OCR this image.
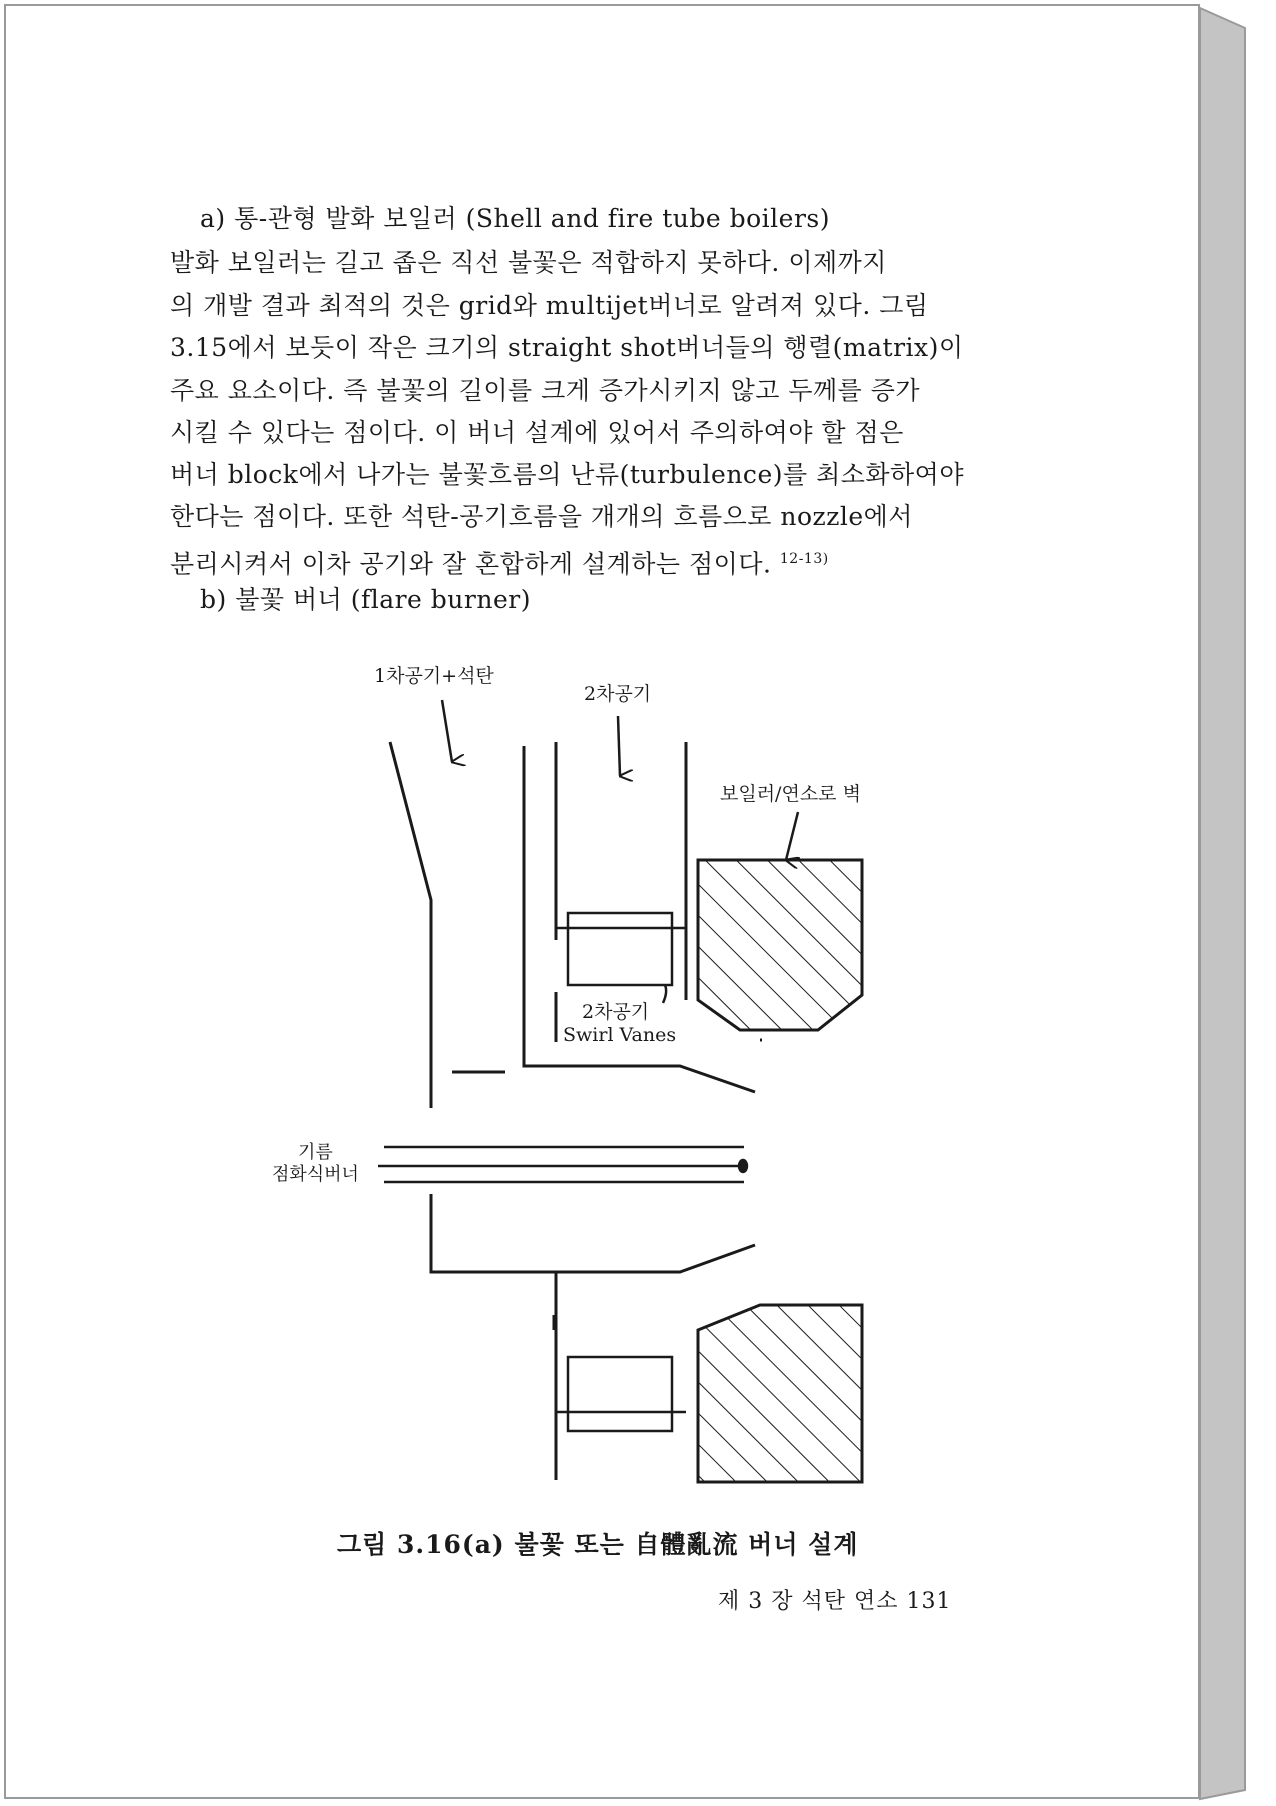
a) 통-관형 발화 보일러 (Shell and fire tube boilers)
발화 보일러는 길고 좁은 직선 불꽃은 적합하지 못하다. 이제까지
의 개발 결과 최적의 것은 grid와 multijet버너로 알려져 있다. 그림
3.15에서 보듯이 작은 크기의 straight shot버너들의 행렬(matrix)이
주요 요소이다. 즉 불꽃의 길이를 크게 증가시키지 않고 두께를 증가
시킬 수 있다는 점이다. 이 버너 설계에 있어서 주의하여야 할 점은
버너 block에서 나가는 불꽃흐름의 난류(turbulence)를 최소화하여야
한다는 점이다. 또한 석탄-공기흐름을 개개의 흐름으로 nozzle에서
분리시켜서 이차 공기와 잘 혼합하게 설계하는 점이다. $^{12-13)}$
b) 불꽃 버너 (flare burner)
1차공기+석탄
2차공기
보일러/연소로 벽
2차공기
Swirl Vanes
기름
점화식버너
그림 3.16(a) 불꽃 또는 自體亂流 버너 설계
제 3 장 석탄 연소 131
